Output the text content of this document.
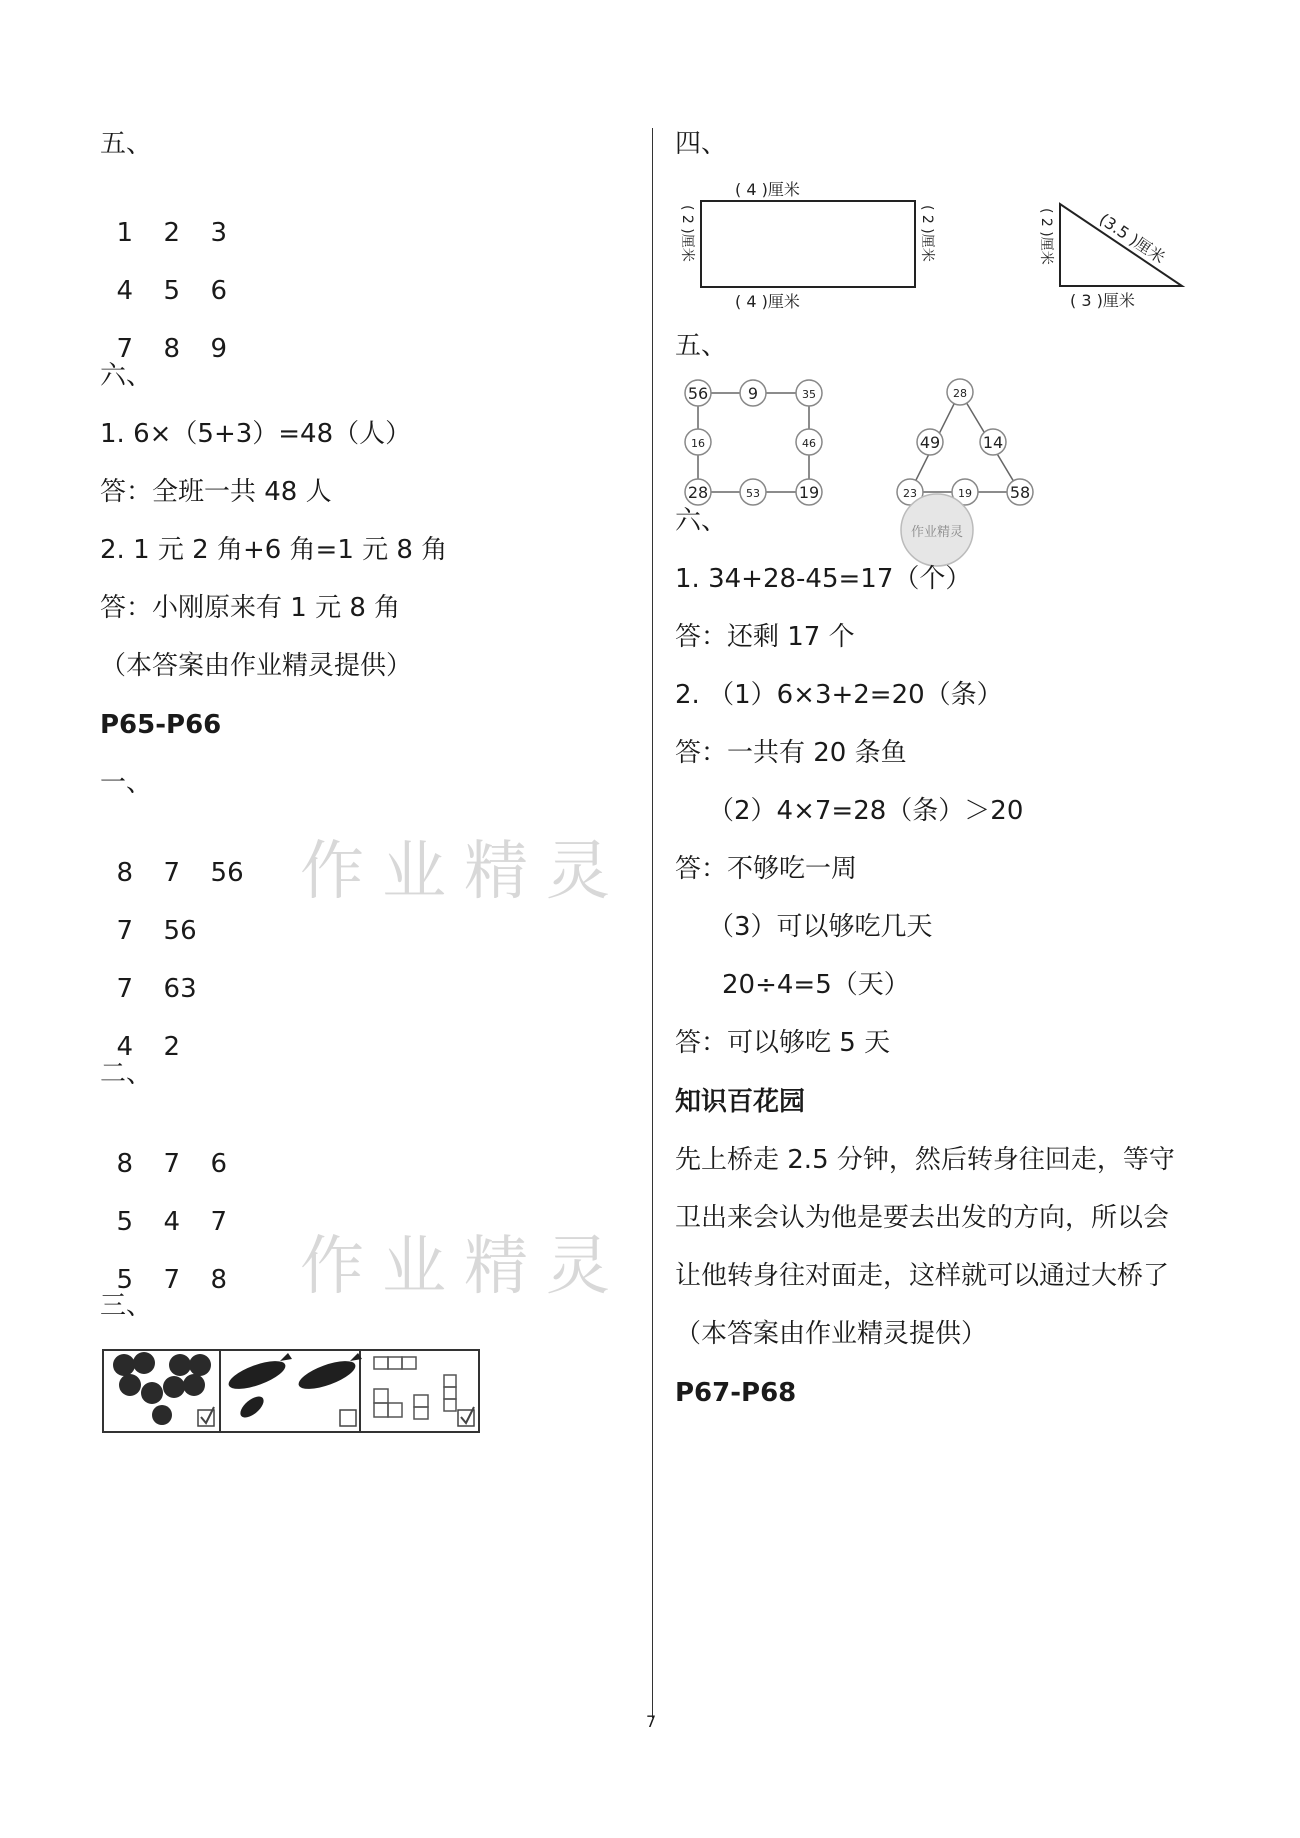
五、

1 2 3

4 5 6

7 8 9

六、
1. 6×（5+3）=48（人）
答：全班一共 48 人
2. 1 元 2 角+6 角=1 元 8 角
答：小刚原来有 1 元 8 角
（本答案由作业精灵提供）
P65-P66
一、

8 7 56

7 56

7 63

4 2

二、

8 7 6

5 4 7

5 7 8

三、
作业精灵
作业精灵
四、
( 4 )厘米
( 4 )厘米
( 2 )厘米	( 2 )厘米	( 2 )厘米	(3.5 )厘米
( 3 )厘米
五、
56 9	35
16	46
28	53 19
28
49	14
23	19 58
作业精灵
六、
1. 34+28-45=17（个）
答：还剩 17 个
2. （1）6×3+2=20（条）
答：一共有 20 条鱼
（2）4×7=28（条）＞20
答：不够吃一周
（3）可以够吃几天
20÷4=5（天）
答：可以够吃 5 天
知识百花园
先上桥走 2.5 分钟，然后转身往回走，等守
卫出来会认为他是要去出发的方向，所以会
让他转身往对面走，这样就可以通过大桥了
（本答案由作业精灵提供）
P67-P68
7
